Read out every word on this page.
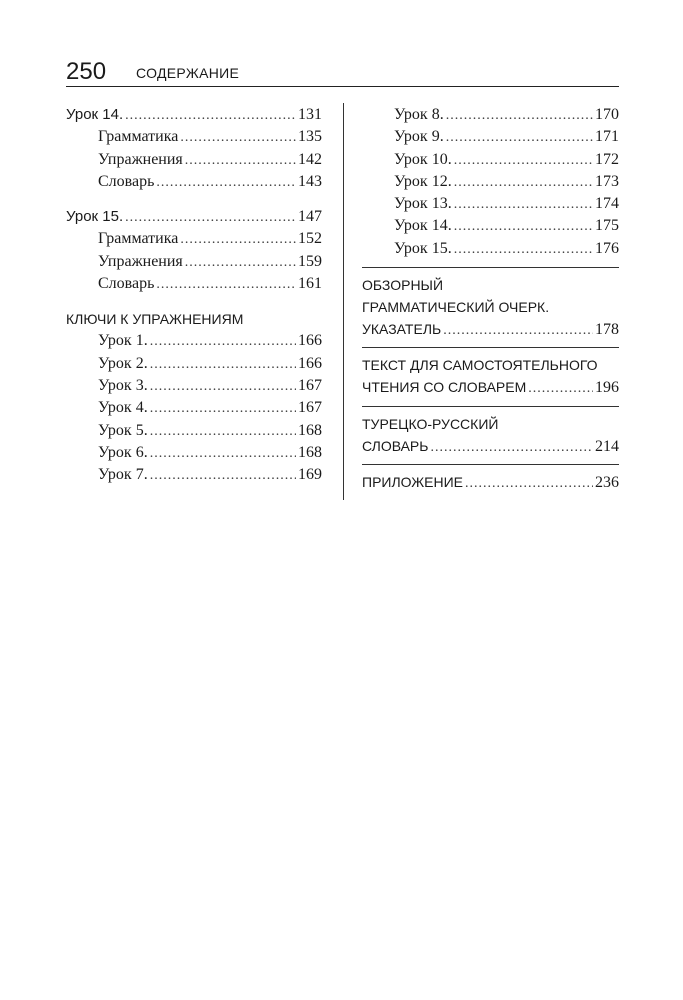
250 СОДЕРЖАНИЕ
Урок 14. .....	131
Грамматика .....	135
Упражнения .....	142
Словарь .....	143
Урок 15. .....	147
Грамматика .....	152
Упражнения .....	159
Словарь .....	161
КЛЮЧИ К УПРАЖНЕНИЯМ
Урок 1. .....	166
Урок 2. .....	166
Урок 3. .....	167
Урок 4. .....	167
Урок 5. .....	168
Урок 6. .....	168
Урок 7. .....	169
Урок 8. .....	170
Урок 9. .....	171
Урок 10. .....	172
Урок 12. .....	173
Урок 13. .....	174
Урок 14. .....	175
Урок 15. .....	176
ОБЗОРНЫЙ
ГРАММАТИЧЕСКИЙ ОЧЕРК.
УКАЗАТЕЛЬ .....	178
ТЕКСТ ДЛЯ САМОСТОЯТЕЛЬНОГО
ЧТЕНИЯ СО СЛОВАРЕМ .....	196
ТУРЕЦКО-РУССКИЙ
СЛОВАРЬ .....	214
ПРИЛОЖЕНИЕ .....	236
